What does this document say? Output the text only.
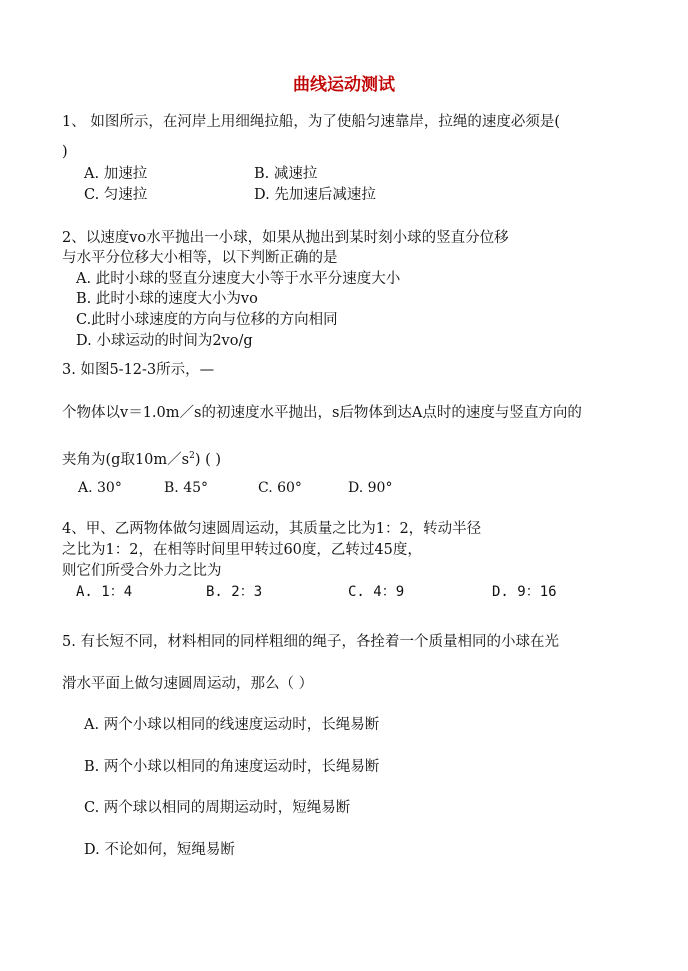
曲线运动测试
1、 如图所示，在河岸上用细绳拉船，为了使船匀速靠岸，拉绳的速度必须是(
)
A. 加速拉	B. 减速拉
C. 匀速拉	D. 先加速后减速拉
2、以速度vo水平抛出一小球，如果从抛出到某时刻小球的竖直分位移
与水平分位移大小相等，以下判断正确的是
A. 此时小球的竖直分速度大小等于水平分速度大小
B. 此时小球的速度大小为vo
C.此时小球速度的方向与位移的方向相同
D. 小球运动的时间为2vo/g
3. 如图5-12-3所示，—
个物体以v＝1.0m／s的初速度水平抛出，s后物体到达A点时的速度与竖直方向的
夹角为(g取$10m/s^2$) ( )
A. 30°	B. 45°	C. 60°	D. 90°
4、甲、乙两物体做匀速圆周运动，其质量之比为1：2，转动半径
之比为1：2，在相等时间里甲转过60度，乙转过45度，
则它们所受合外力之比为
A. 1：4	B. 2：3	C. 4：9	D. 9：16
5. 有长短不同，材料相同的同样粗细的绳子，各拴着一个质量相同的小球在光
滑水平面上做匀速圆周运动，那么（ ）
A. 两个小球以相同的线速度运动时，长绳易断
B. 两个小球以相同的角速度运动时，长绳易断
C. 两个球以相同的周期运动时，短绳易断
D. 不论如何，短绳易断
